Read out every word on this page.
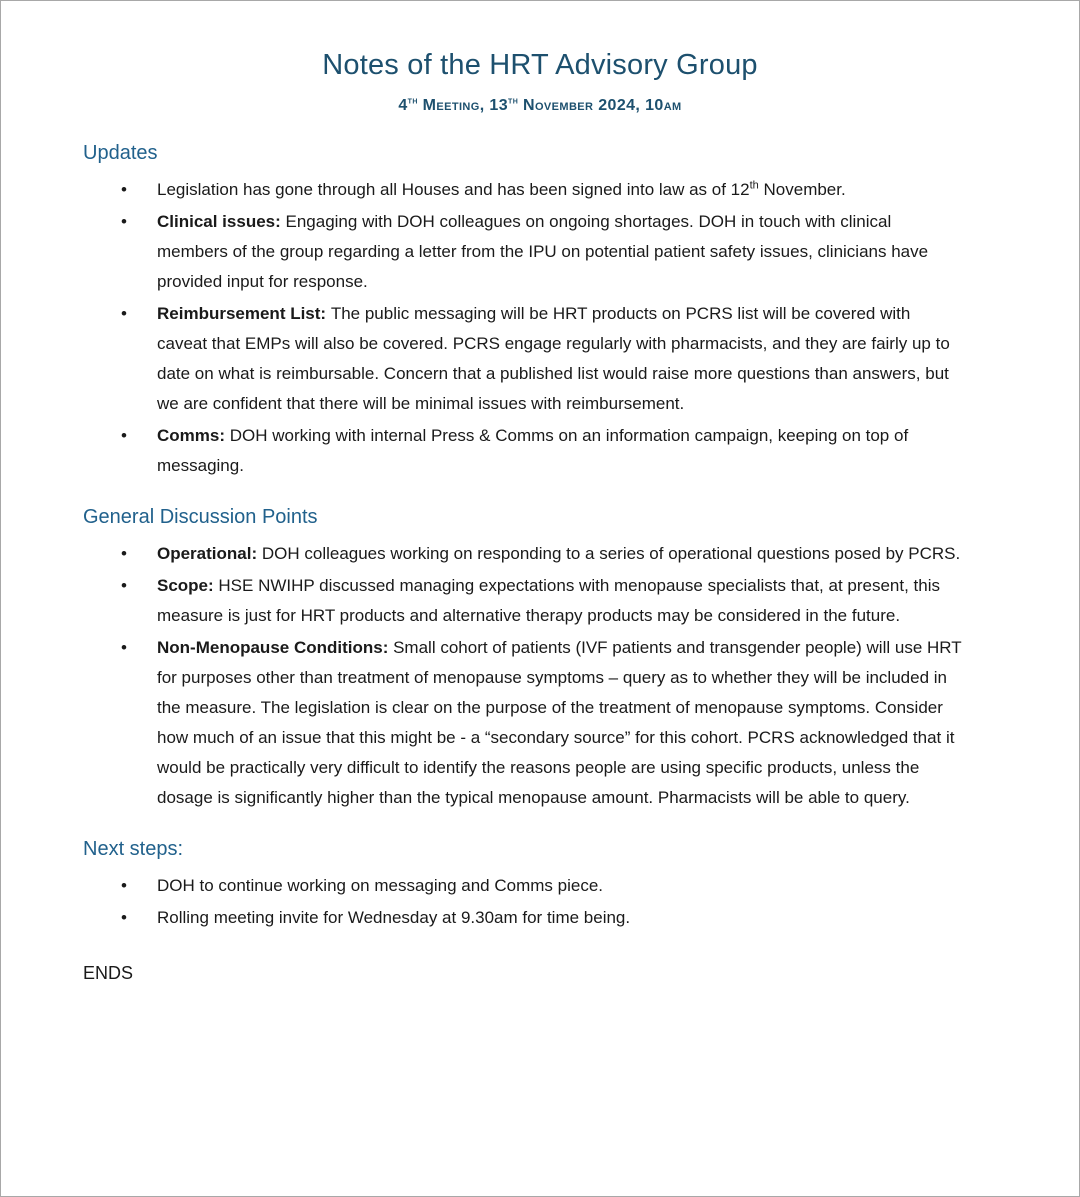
Notes of the HRT Advisory Group
4th Meeting, 13th November 2024, 10am
Updates
• Legislation has gone through all Houses and has been signed into law as of 12th November.
• Clinical issues: Engaging with DOH colleagues on ongoing shortages. DOH in touch with clinical members of the group regarding a letter from the IPU on potential patient safety issues, clinicians have provided input for response.
• Reimbursement List: The public messaging will be HRT products on PCRS list will be covered with caveat that EMPs will also be covered. PCRS engage regularly with pharmacists, and they are fairly up to date on what is reimbursable. Concern that a published list would raise more questions than answers, but we are confident that there will be minimal issues with reimbursement.
• Comms: DOH working with internal Press & Comms on an information campaign, keeping on top of messaging.
General Discussion Points
• Operational: DOH colleagues working on responding to a series of operational questions posed by PCRS.
• Scope: HSE NWIHP discussed managing expectations with menopause specialists that, at present, this measure is just for HRT products and alternative therapy products may be considered in the future.
• Non-Menopause Conditions: Small cohort of patients (IVF patients and transgender people) will use HRT for purposes other than treatment of menopause symptoms – query as to whether they will be included in the measure. The legislation is clear on the purpose of the treatment of menopause symptoms. Consider how much of an issue that this might be - a “secondary source” for this cohort. PCRS acknowledged that it would be practically very difficult to identify the reasons people are using specific products, unless the dosage is significantly higher than the typical menopause amount. Pharmacists will be able to query.
Next steps:
• DOH to continue working on messaging and Comms piece.
• Rolling meeting invite for Wednesday at 9.30am for time being.
ENDS
